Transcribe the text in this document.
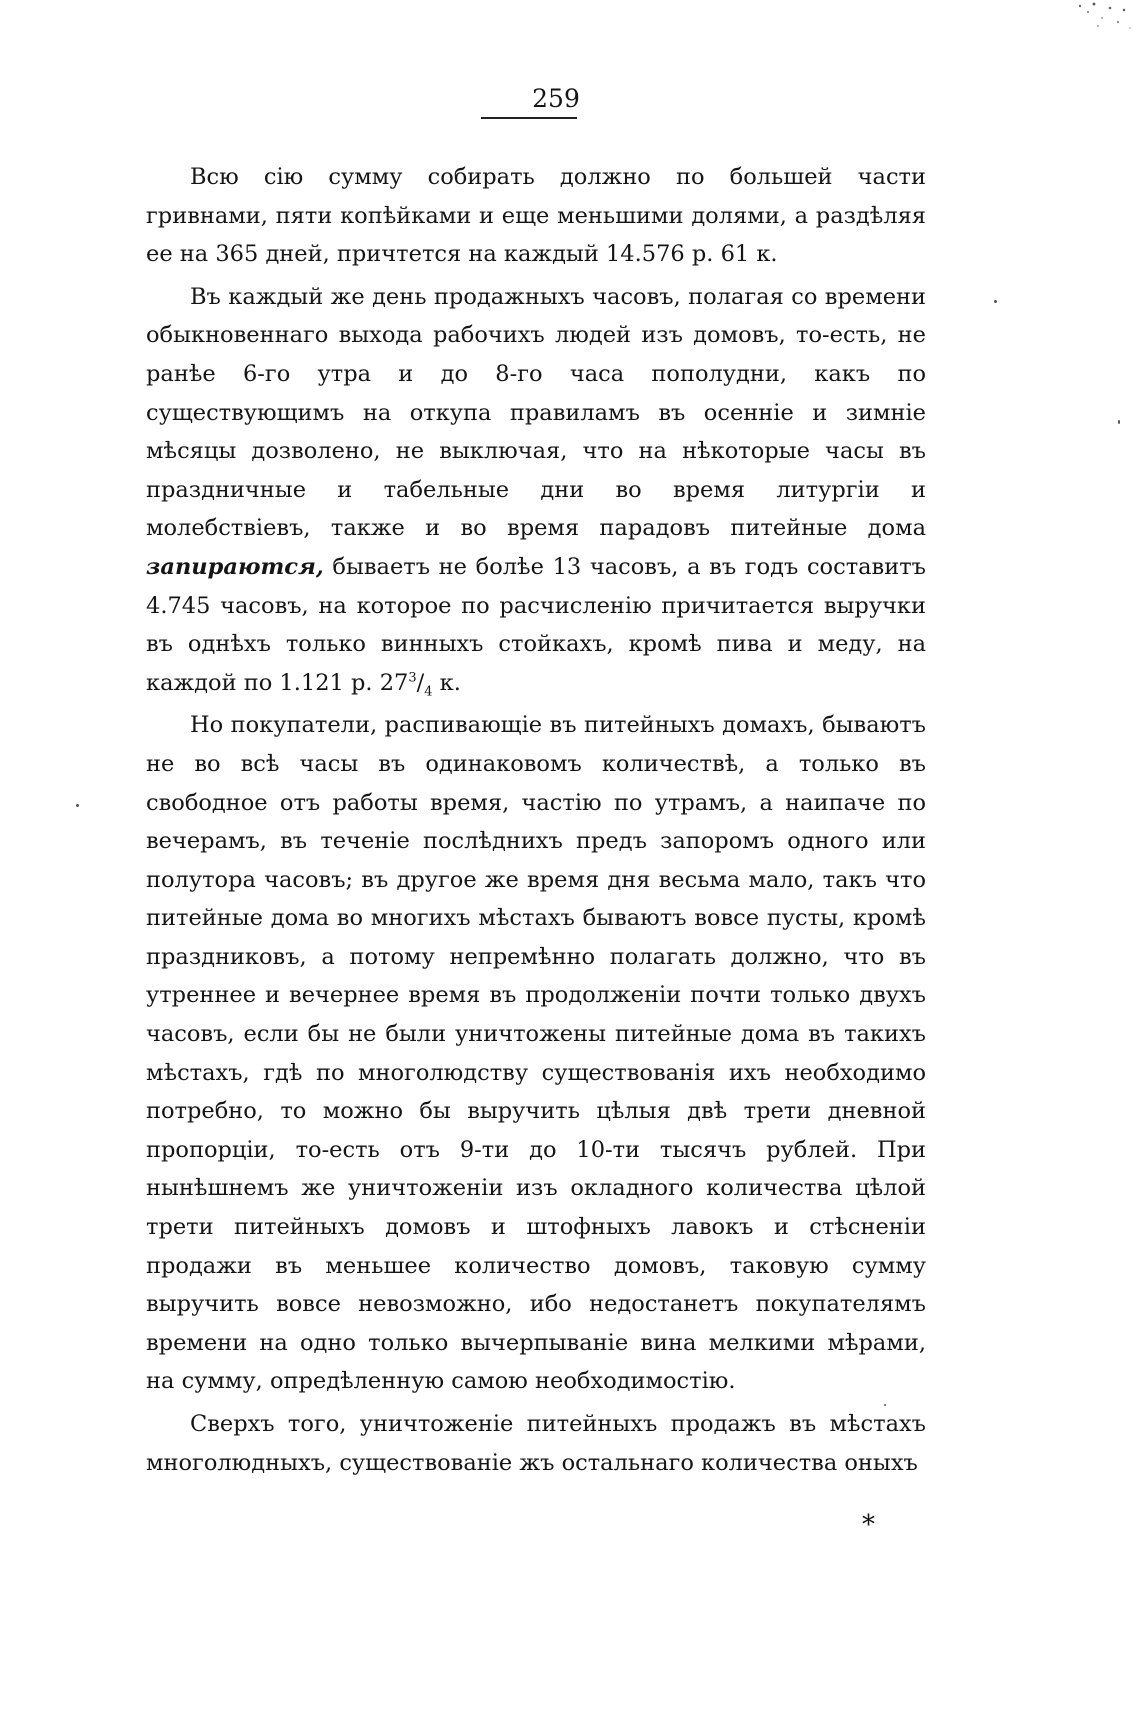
259

Всю сію сумму собирать должно по большей части гривнами, пяти копѣйками и еще меньшими долями, а раздѣляя ее на 365 дней, причтется на каждый 14.576 р. 61 к.

Въ каждый же день продажныхъ часовъ, полагая со времени обыкновеннаго выхода рабочихъ людей изъ домовъ, то-есть, не ранѣе 6-го утра и до 8-го часа пополудни, какъ по существующимъ на откупа правиламъ въ осенніе и зимніе мѣсяцы дозволено, не выключая, что на нѣкоторые часы въ праздничные и табельные дни во время литургіи и молебствіевъ, также и во время парадовъ питейные дома запираются, бываетъ не болѣе 13 часовъ, а въ годъ составитъ 4.745 часовъ, на которое по расчисленію причитается выручки въ однѣхъ только винныхъ стойкахъ, кромѣ пива и меду, на каждой по 1.121 р. $27^3/_4$ к.

Но покупатели, распивающіе въ питейныхъ домахъ, бываютъ не во всѣ часы въ одинаковомъ количествѣ, а только въ свободное отъ работы время, частію по утрамъ, а наипаче по вечерамъ, въ теченіе послѣднихъ предъ запоромъ одного или полутора часовъ; въ другое же время дня весьма мало, такъ что питейные дома во многихъ мѣстахъ бываютъ вовсе пусты, кромѣ праздниковъ, а потому непремѣнно полагать должно, что въ утреннее и вечернее время въ продолженіи почти только двухъ часовъ, если бы не были уничтожены питейные дома въ такихъ мѣстахъ, гдѣ по многолюдству существованія ихъ необходимо потребно, то можно бы выручить цѣлыя двѣ трети дневной пропорціи, то-есть отъ 9-ти до 10-ти тысячъ рублей. При нынѣшнемъ же уничтоженіи изъ окладного количества цѣлой трети питейныхъ домовъ и штофныхъ лавокъ и стѣсненіи продажи въ меньшее количество домовъ, таковую сумму выручить вовсе невозможно, ибо недостанетъ покупателямъ времени на одно только вычерпываніе вина мелкими мѣрами, на сумму, опредѣленную самою необходимостію.

Сверхъ того, уничтоженіе питейныхъ продажъ въ мѣстахъ многолюдныхъ, существованіе жъ остальнаго количества оныхъ

*
